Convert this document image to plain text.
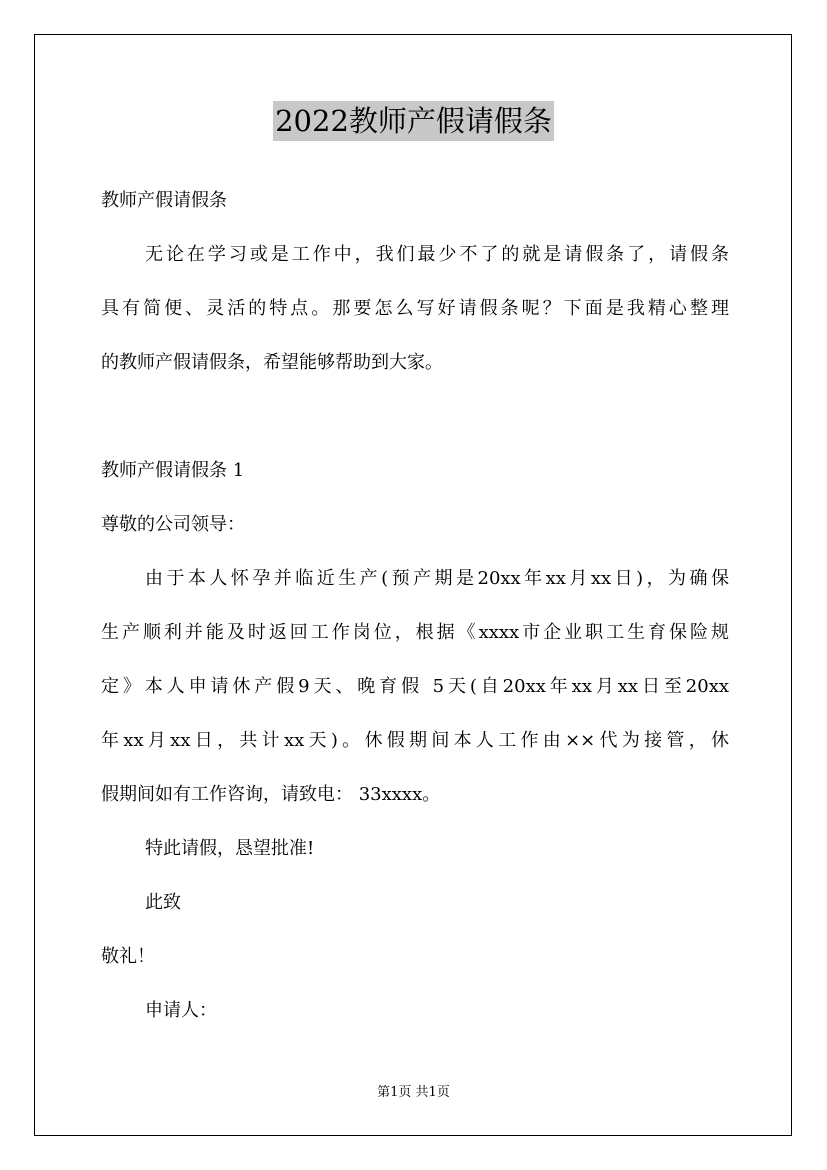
2022教师产假请假条
教师产假请假条
无论在学习或是工作中，我们最少不了的就是请假条了，请假条
具有简便、灵活的特点。那要怎么写好请假条呢？下面是我精心整理
的教师产假请假条，希望能够帮助到大家。
教师产假请假条 1
尊敬的公司领导：
由于本人怀孕并临近生产(预产期是20xx年xx月xx日)，为确保
生产顺利并能及时返回工作岗位，根据《xxxx市企业职工生育保险规
定》本人申请休产假9天、晚育假 5天(自20xx年xx月xx日至20xx
年xx月xx日，共计xx天)。休假期间本人工作由××代为接管，休
假期间如有工作咨询，请致电： 33xxxx。
特此请假，恳望批准!
此致
敬礼！
申请人：
第1页 共1页
